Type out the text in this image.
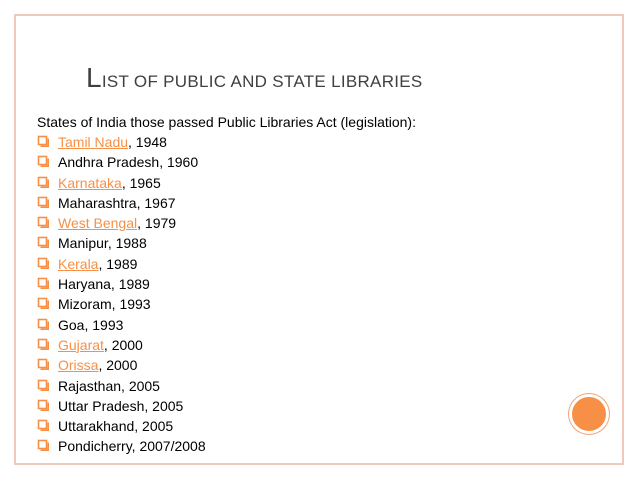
LIST OF PUBLIC AND STATE LIBRARIES
States of India those passed Public Libraries Act (legislation):
Tamil Nadu, 1948
Andhra Pradesh, 1960
Karnataka, 1965
Maharashtra, 1967
West Bengal, 1979
Manipur, 1988
Kerala, 1989
Haryana, 1989
Mizoram, 1993
Goa, 1993
Gujarat, 2000
Orissa, 2000
Rajasthan, 2005
Uttar Pradesh, 2005
Uttarakhand, 2005
Pondicherry, 2007/2008
